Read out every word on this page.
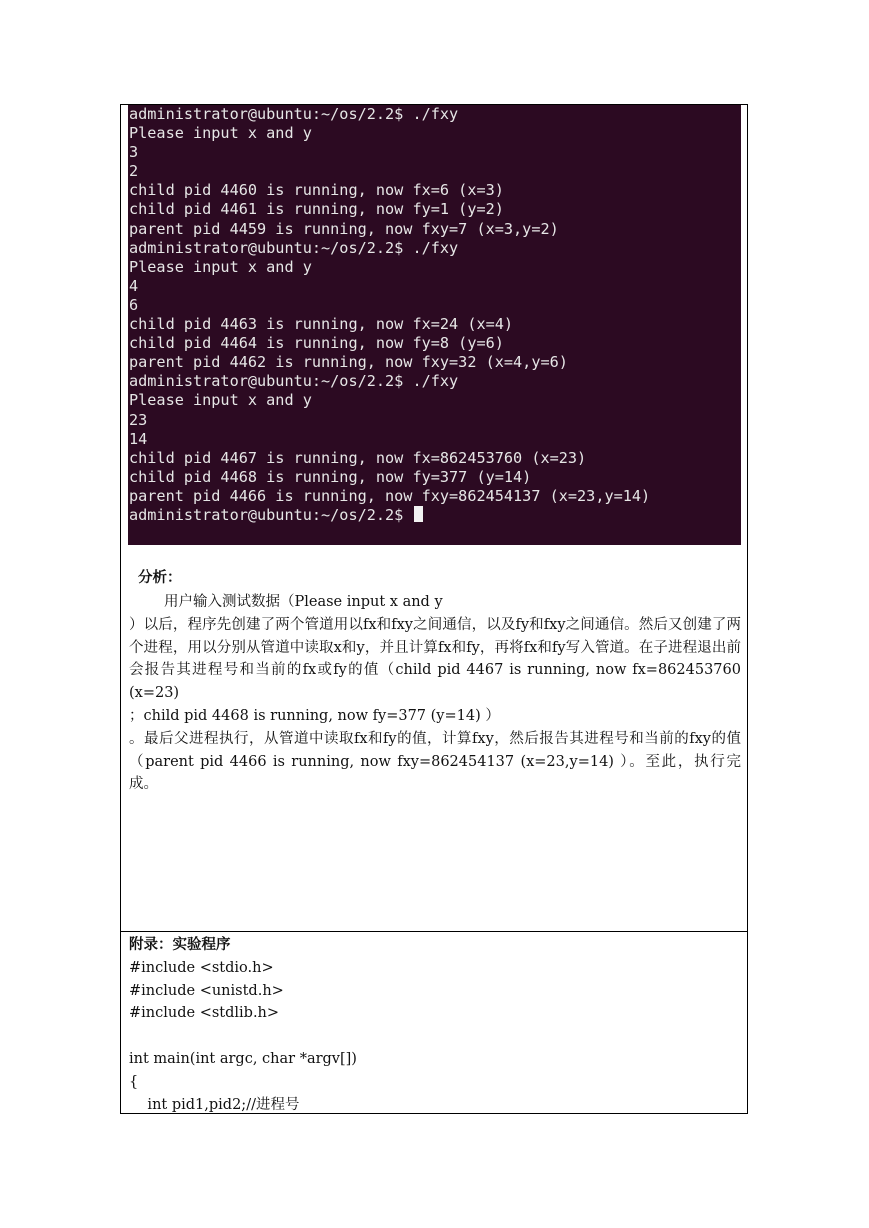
administrator@ubuntu:~/os/2.2$ ./fxy
Please input x and y
3
2
child pid 4460 is running, now fx=6 (x=3)
child pid 4461 is running, now fy=1 (y=2)
parent pid 4459 is running, now fxy=7 (x=3,y=2)
administrator@ubuntu:~/os/2.2$ ./fxy
Please input x and y
4
6
child pid 4463 is running, now fx=24 (x=4)
child pid 4464 is running, now fy=8 (y=6)
parent pid 4462 is running, now fxy=32 (x=4,y=6)
administrator@ubuntu:~/os/2.2$ ./fxy
Please input x and y
23
14
child pid 4467 is running, now fx=862453760 (x=23)
child pid 4468 is running, now fy=377 (y=14)
parent pid 4466 is running, now fxy=862454137 (x=23,y=14)
administrator@ubuntu:~/os/2.2$
分析：

用户输入测试数据（Please input x and y

）以后，程序先创建了两个管道用以fx和fxy之间通信，以及fy和fxy之间通信。然后又创建了两个进程，用以分别从管道中读取x和y，并且计算fx和fy，再将fx和fy写入管道。在子进程退出前会报告其进程号和当前的fx或fy的值（child pid 4467 is running, now fx=862453760 (x=23)

；child pid 4468 is running, now fy=377 (y=14) ）

。最后父进程执行，从管道中读取fx和fy的值，计算fxy，然后报告其进程号和当前的fxy的值（parent pid 4466 is running, now fxy=862454137 (x=23,y=14) ）。至此，执行完成。

附录：实验程序
#include <stdio.h>
#include <unistd.h>
#include <stdlib.h>
int main(int argc, char *argv[])
{
int pid1,pid2;//进程号
